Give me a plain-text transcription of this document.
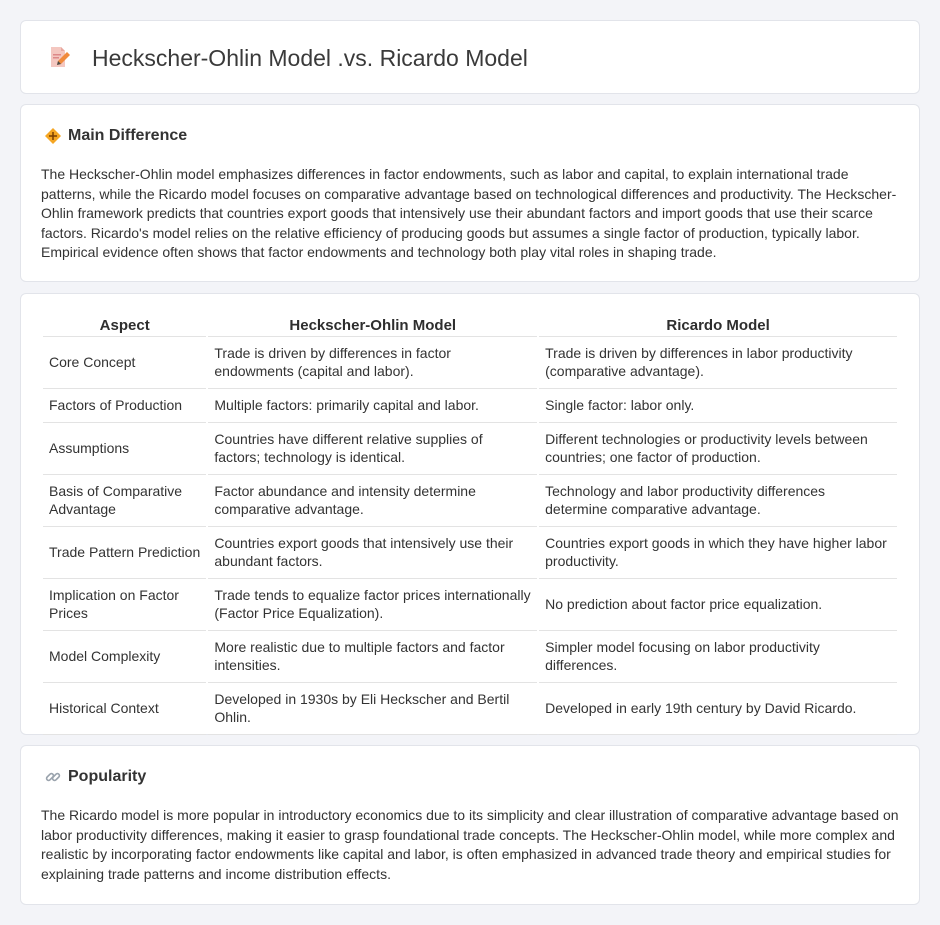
Heckscher-Ohlin Model .vs. Ricardo Model
Main Difference

The Heckscher-Ohlin model emphasizes differences in factor endowments, such as labor and capital, to explain international trade patterns, while the Ricardo model focuses on comparative advantage based on technological differences and productivity. The Heckscher-Ohlin framework predicts that countries export goods that intensively use their abundant factors and import goods that use their scarce factors. Ricardo's model relies on the relative efficiency of producing goods but assumes a single factor of production, typically labor. Empirical evidence often shows that factor endowments and technology both play vital roles in shaping trade.

Aspect	Heckscher-Ohlin Model	Ricardo Model
Core Concept	Trade is driven by differences in factor endowments (capital and labor).	Trade is driven by differences in labor productivity (comparative advantage).
Factors of Production	Multiple factors: primarily capital and labor.	Single factor: labor only.
Assumptions	Countries have different relative supplies of factors; technology is identical.	Different technologies or productivity levels between countries; one factor of production.
Basis of Comparative Advantage	Factor abundance and intensity determine comparative advantage.	Technology and labor productivity differences determine comparative advantage.
Trade Pattern Prediction	Countries export goods that intensively use their abundant factors.	Countries export goods in which they have higher labor productivity.
Implication on Factor Prices	Trade tends to equalize factor prices internationally (Factor Price Equalization).	No prediction about factor price equalization.
Model Complexity	More realistic due to multiple factors and factor intensities.	Simpler model focusing on labor productivity differences.
Historical Context	Developed in 1930s by Eli Heckscher and Bertil Ohlin.	Developed in early 19th century by David Ricardo.
Popularity

The Ricardo model is more popular in introductory economics due to its simplicity and clear illustration of comparative advantage based on labor productivity differences, making it easier to grasp foundational trade concepts. The Heckscher-Ohlin model, while more complex and realistic by incorporating factor endowments like capital and labor, is often emphasized in advanced trade theory and empirical studies for explaining trade patterns and income distribution effects.
